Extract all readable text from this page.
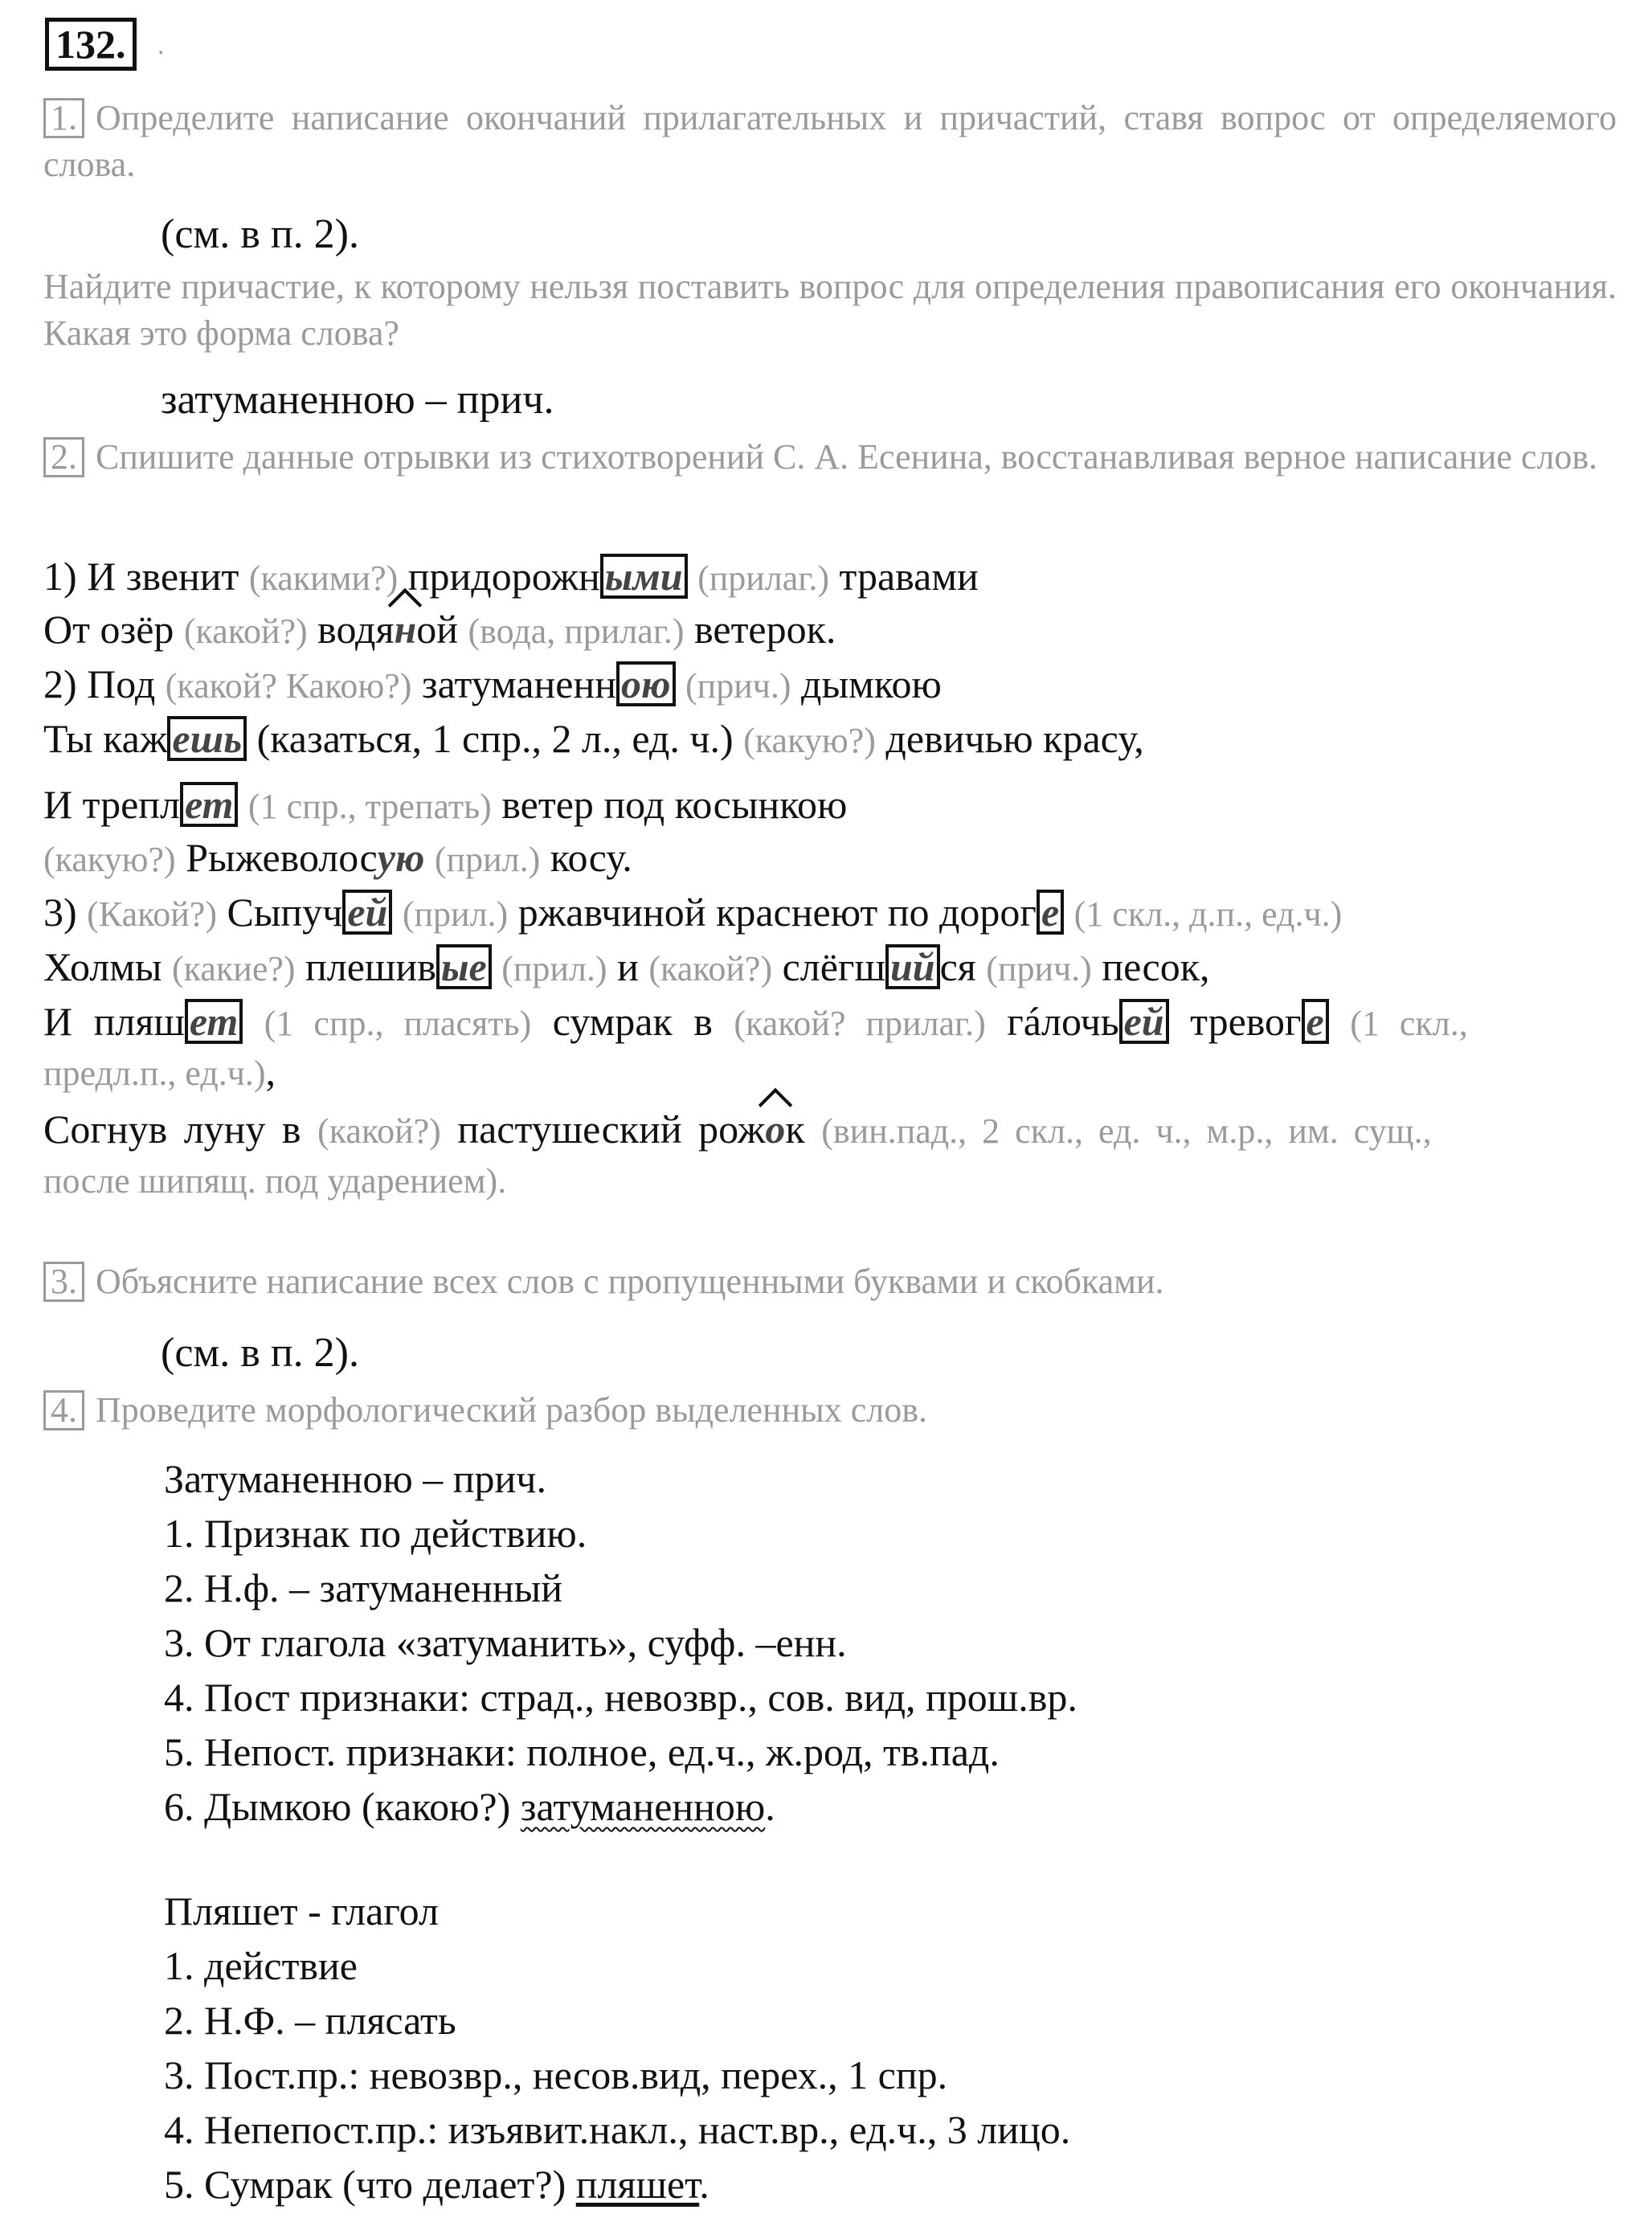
132.	.
1. Определите написание окончаний прилагательных и причастий, ставя вопрос от определяемого слова.
(см. в п. 2).
Найдите причастие, к которому нельзя поставить вопрос для определения правописания его окончания. Какая это форма слова?
затуманенною – прич.
2. Спишите данные отрывки из стихотворений С. А. Есенина, восстанавливая верное написание слов.
1) И звенит (какими?) придорожн ыми (прилаг.) травами
От озёр (какой?) водяной (вода, прилаг.) ветерок.
2) Под (какой? Какою?) затуманенн ою (прич.) дымкою
Ты каж ешь (казаться, 1 спр., 2 л., ед. ч.) (какую?) девичью красу,
И трепл ет (1 спр., трепать) ветер под косынкою
(какую?) Рыжеволосую (прил.) косу.
3) (Какой?) Сыпуч ей (прил.) ржавчиной краснеют по дорог е (1 скл., д.п., ед.ч.)
Холмы (какие?) плешив ые (прил.) и (какой?) слёгш ий ся (прич.) песок,
И пляш ет (1 спр., пласять) сумрак в (какой? прилаг.) гáлочь ей тревог е (1 скл.,
предл.п., ед.ч.),
Согнув луну в (какой?) пастушеский рожок (вин.пад., 2 скл., ед. ч., м.р., им. сущ.,
после шипящ. под ударением).
3. Объясните написание всех слов с пропущенными буквами и скобками.
(см. в п. 2).
4. Проведите морфологический разбор выделенных слов.
Затуманенною – прич.
1. Признак по действию.
2. Н.ф. – затуманенный
3. От глагола «затуманить», суфф. –енн.
4. Пост признаки: страд., невозвр., сов. вид, прош.вр.
5. Непост. признаки: полное, ед.ч., ж.род, тв.пад.
6. Дымкою (какою?) затуманенною.
Пляшет - глагол
1. действие
2. Н.Ф. – плясать
3. Пост.пр.: невозвр., несов.вид, перех., 1 спр.
4. Непепост.пр.: изъявит.накл., наст.вр., ед.ч., 3 лицо.
5. Сумрак (что делает?) пляшет.
